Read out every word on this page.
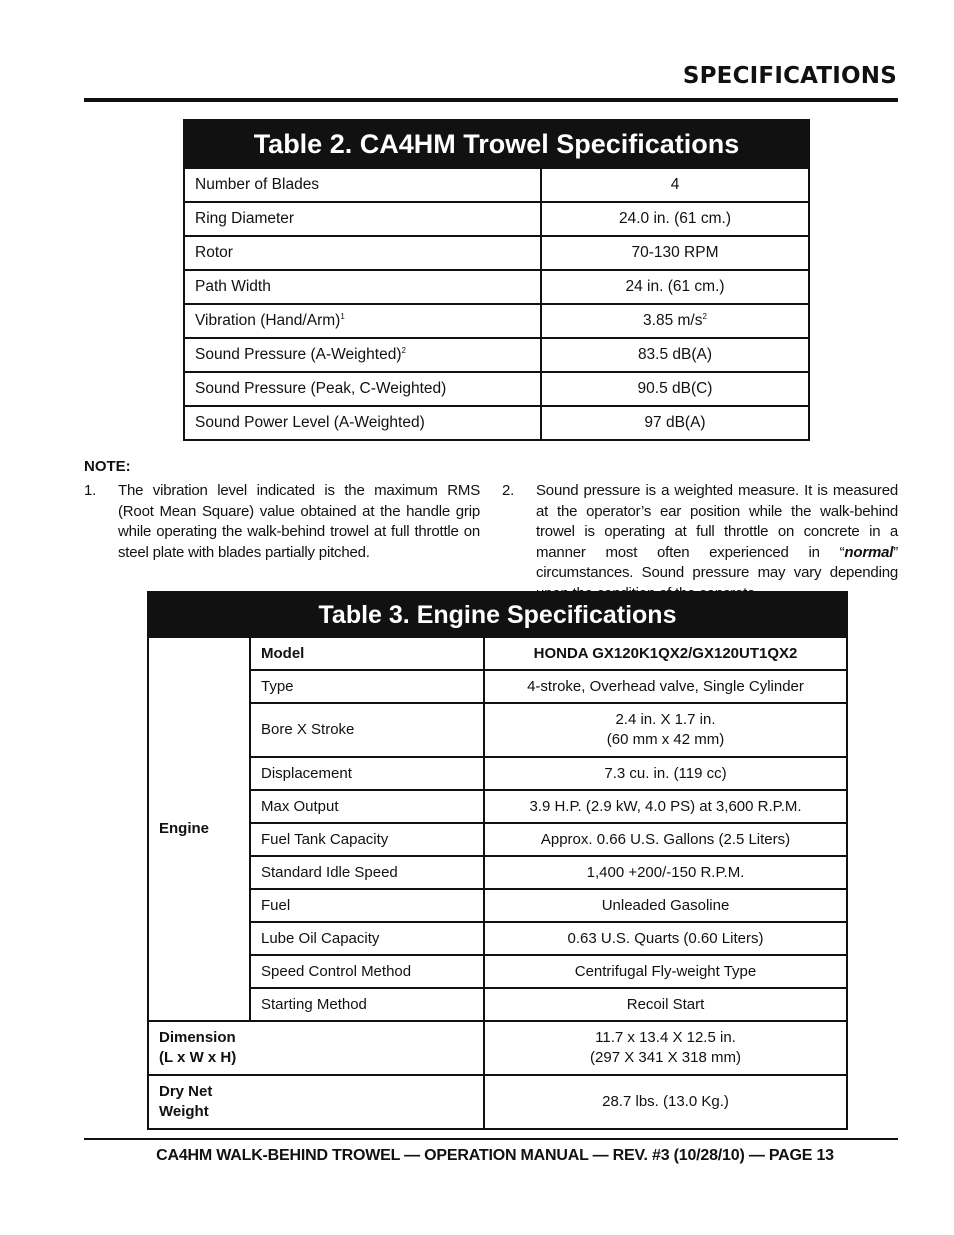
SPECIFICATIONS
Table 2. CA4HM Trowel Specifications	
Number of Blades	4
Ring Diameter	24.0 in. (61 cm.)
Rotor	70-130 RPM
Path Width	24 in. (61 cm.)
Vibration (Hand/Arm)$^1$	3.85 $m/s^2$
Sound Pressure (A-Weighted)$^2$	83.5 dB(A)
Sound Pressure (Peak, C-Weighted)	90.5 dB(C)
Sound Power Level (A-Weighted)	97 dB(A)
NOTE:
1. The vibration level indicated is the maximum RMS (Root Mean Square) value obtained at the handle grip while operating the walk-behind trowel at full throttle on steel plate with blades partially pitched.
2. Sound pressure is a weighted measure. It is measured at the operator’s ear position while the walk-behind trowel is operating at full throttle on concrete in a manner most often experienced in “normal” circumstances. Sound pressure may vary depending
Table 3. Engine Specifications		
Engine	Model	HONDA GX120K1QX2/GX120UT1QX2
	Type	4-stroke, Overhead valve, Single Cylinder
	Bore X Stroke	2.4 in. X 1.7 in.
(60 mm x 42 mm)
	Displacement	7.3 cu. in. (119 cc)
	Max Output	3.9 H.P. (2.9 kW, 4.0 PS) at 3,600 R.P.M.
	Fuel Tank Capacity	Approx. 0.66 U.S. Gallons (2.5 Liters)
	Standard Idle Speed	1,400 +200/-150 R.P.M.
	Fuel	Unleaded Gasoline
	Lube Oil Capacity	0.63 U.S. Quarts (0.60 Liters)
	Speed Control Method	Centrifugal Fly-weight Type
	Starting Method	Recoil Start
Dimension
(L x W x H)		11.7 x 13.4 X 12.5 in.
(297 X 341 X 318 mm)
Dry Net
Weight		28.7 lbs. (13.0 Kg.)
CA4HM WALK-BEHIND TROWEL — OPERATION MANUAL — REV. #3 (10/28/10) — PAGE 13
